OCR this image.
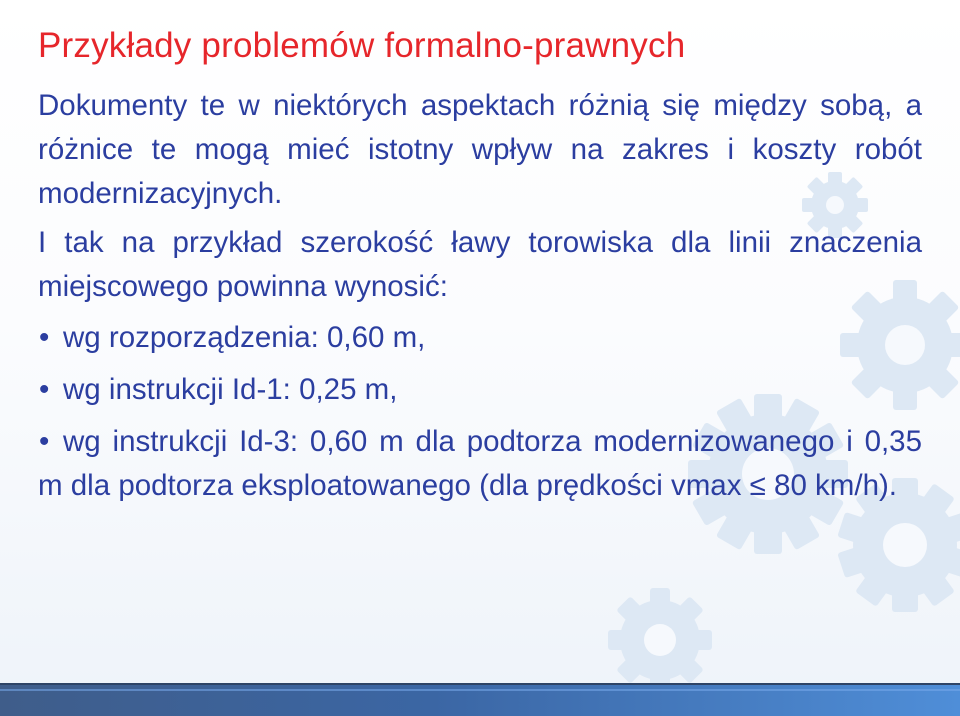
Przykłady problemów formalno-prawnych

Dokumenty te w niektórych aspektach różnią się między sobą, a różnice te mogą mieć istotny wpływ na zakres i koszty robót modernizacyjnych.

I tak na przykład szerokość ławy torowiska dla linii znaczenia miejscowego powinna wynosić:

• wg rozporządzenia: 0,60 m,
• wg instrukcji Id-1: 0,25 m,
• wg instrukcji Id-3: 0,60 m dla podtorza modernizowanego i 0,35 m dla podtorza eksploatowanego (dla prędkości vmax ≤ 80 km/h).
